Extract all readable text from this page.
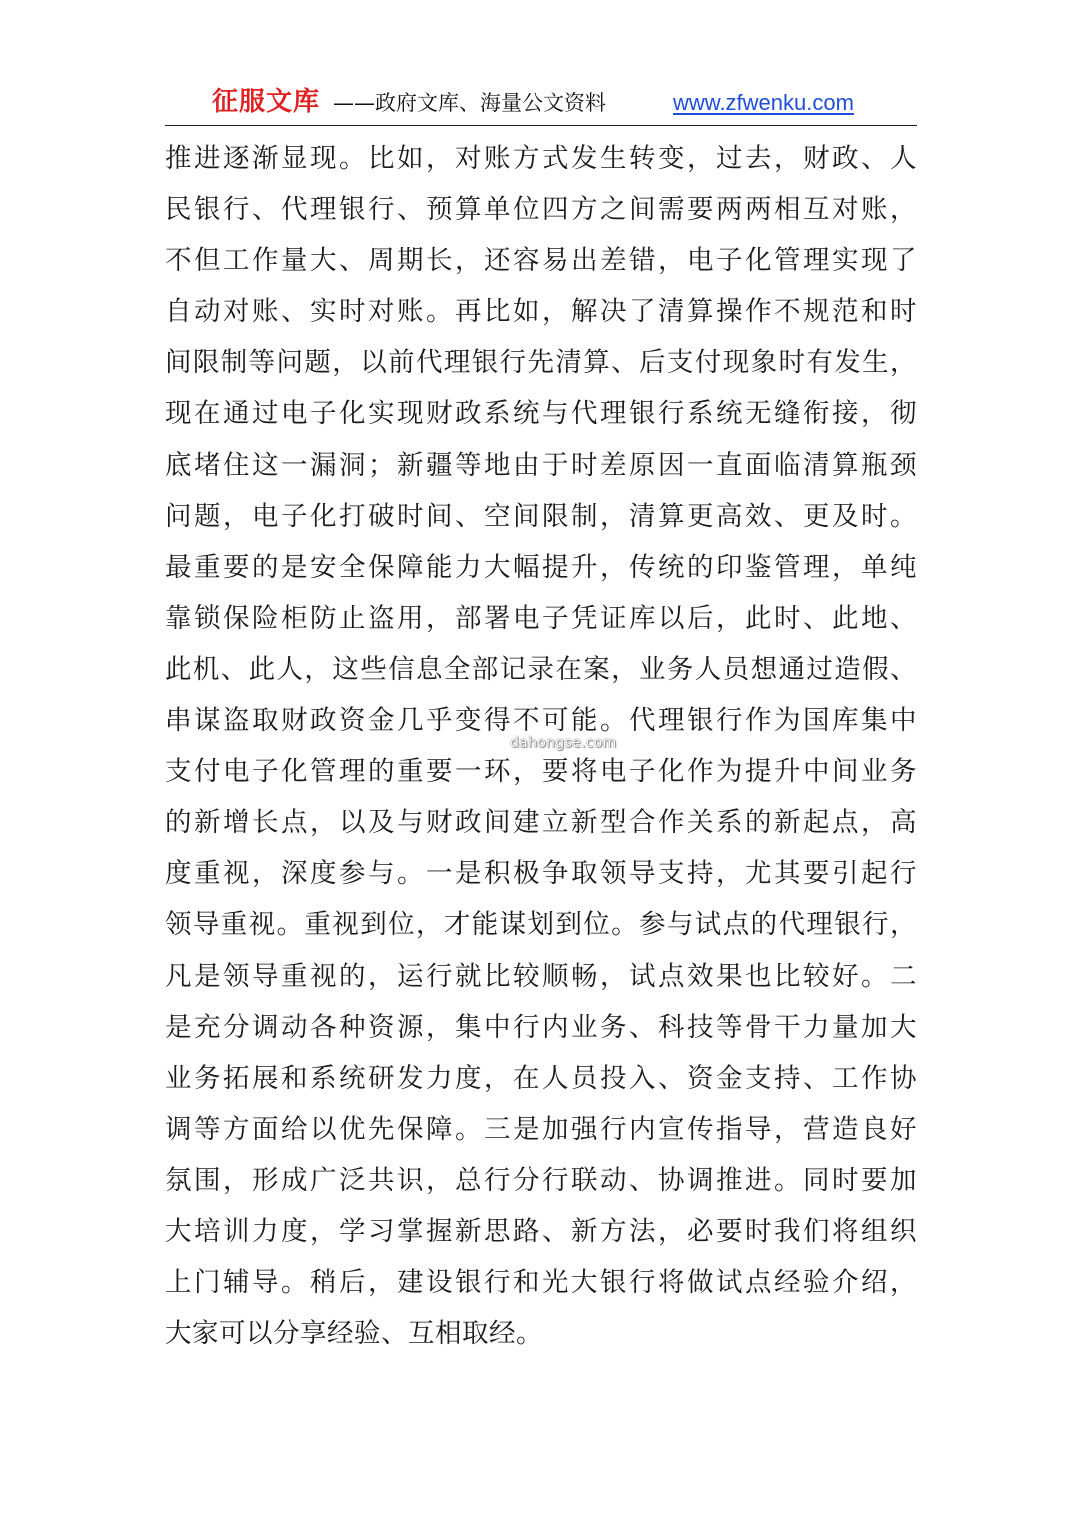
征服文库 ——政府文库、海量公文资料	www.zfwenku.com
推进逐渐显现。比如，对账方式发生转变，过去，财政、人
民银行、代理银行、预算单位四方之间需要两两相互对账，
不但工作量大、周期长，还容易出差错，电子化管理实现了
自动对账、实时对账。再比如，解决了清算操作不规范和时
间限制等问题，以前代理银行先清算、后支付现象时有发生，
现在通过电子化实现财政系统与代理银行系统无缝衔接，彻
底堵住这一漏洞；新疆等地由于时差原因一直面临清算瓶颈
问题，电子化打破时间、空间限制，清算更高效、更及时。
最重要的是安全保障能力大幅提升，传统的印鉴管理，单纯
靠锁保险柜防止盗用，部署电子凭证库以后，此时、此地、
此机、此人，这些信息全部记录在案，业务人员想通过造假、
串谋盗取财政资金几乎变得不可能。代理银行作为国库集中
支付电子化管理的重要一环，要将电子化作为提升中间业务
的新增长点，以及与财政间建立新型合作关系的新起点，高
度重视，深度参与。一是积极争取领导支持，尤其要引起行
领导重视。重视到位，才能谋划到位。参与试点的代理银行，
凡是领导重视的，运行就比较顺畅，试点效果也比较好。二
是充分调动各种资源，集中行内业务、科技等骨干力量加大
业务拓展和系统研发力度，在人员投入、资金支持、工作协
调等方面给以优先保障。三是加强行内宣传指导，营造良好
氛围，形成广泛共识，总行分行联动、协调推进。同时要加
大培训力度，学习掌握新思路、新方法，必要时我们将组织
上门辅导。稍后，建设银行和光大银行将做试点经验介绍，
大家可以分享经验、互相取经。
dahongse.com
